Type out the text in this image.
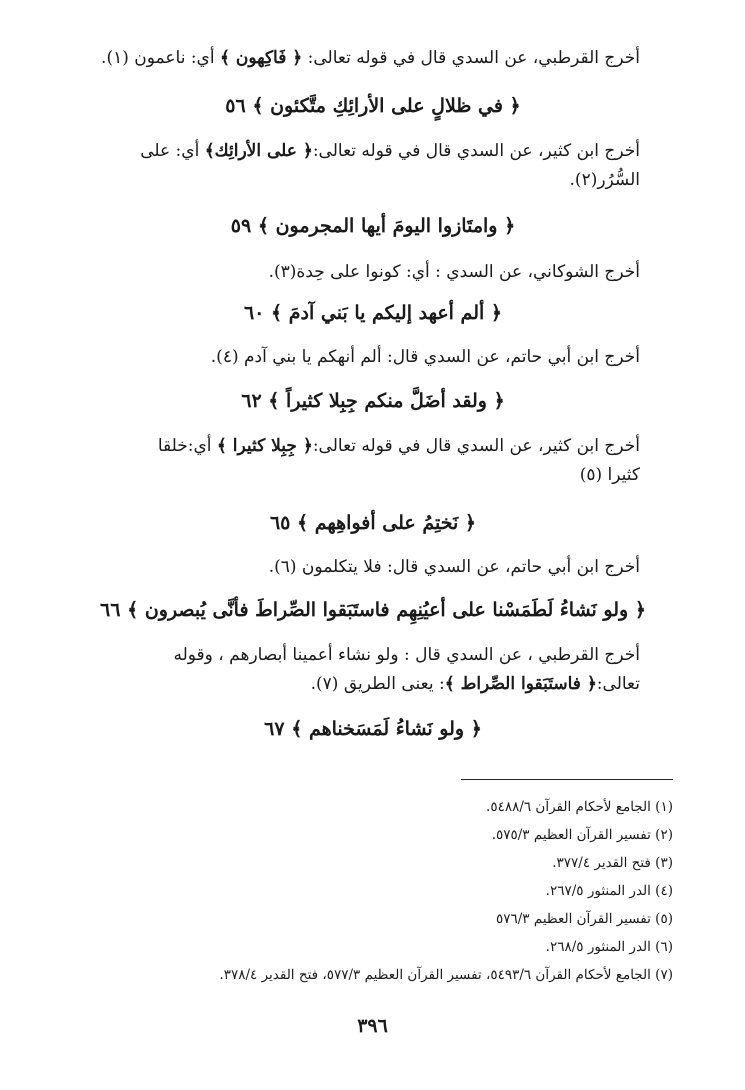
أخرج القرطبي، عن السدي قال في قوله تعالى: ﴿ فَاكِهون ﴾ أي: ناعمون (١).
﴿ في ظلالٍ على الأرائِكِ متَّكئون ﴾ ٥٦
أخرج ابن كثير، عن السدي قال في قوله تعالى:﴿ على الأرائِك﴾ أي: على
السُّرُر(٢).
﴿ وامتَازوا اليومَ أيها المجرمون ﴾ ٥٩
أخرج الشوكاني، عن السدي : أي: كونوا على حِدة(٣).
﴿ ألم أعهد إليكم يا بَني آدمَ ﴾ ٦٠
أخرج ابن أبي حاتم، عن السدي قال: ألم أنهكم يا بني آدم (٤).
﴿ ولقد أضَلَّ منكم جِبِلا كثيراً ﴾ ٦٢
أخرج ابن كثير، عن السدي قال في قوله تعالى:﴿ جِبِلا كثيرا ﴾ أي:خلقا
كثيرا (٥)
﴿ نَختِمُ على أفواهِهم ﴾ ٦٥
أخرج ابن أبي حاتم، عن السدي قال: فلا يتكلمون (٦).
﴿ ولو نَشاءُ لَطَمَسْنا على أعيُنِهِم فاستَبَقوا الصِّراطَ فأنَّى يُبصرون ﴾ ٦٦
أخرج القرطبي ، عن السدي قال : ولو نشاء أعمينا أبصارهم ، وقوله
تعالى:﴿ فاستَبَقوا الصِّراط ﴾: يعنى الطريق (٧).
﴿ ولو نَشاءُ لَمَسَخناهم ﴾ ٦٧
(١) الجامع لأحكام القرآن ٥٤٨٨/٦.
(٢) تفسير القرآن العظيم ٥٧٥/٣.
(٣) فتح القدير ٣٧٧/٤.
(٤) الدر المنثور ٢٦٧/٥.
(٥) تفسير القرآن العظيم ٥٧٦/٣
(٦) الدر المنثور ٢٦٨/٥.
(٧) الجامع لأحكام القرآن ٥٤٩٣/٦، تفسير القرآن العظيم ٥٧٧/٣، فتح القدير ٣٧٨/٤.
٣٩٦
